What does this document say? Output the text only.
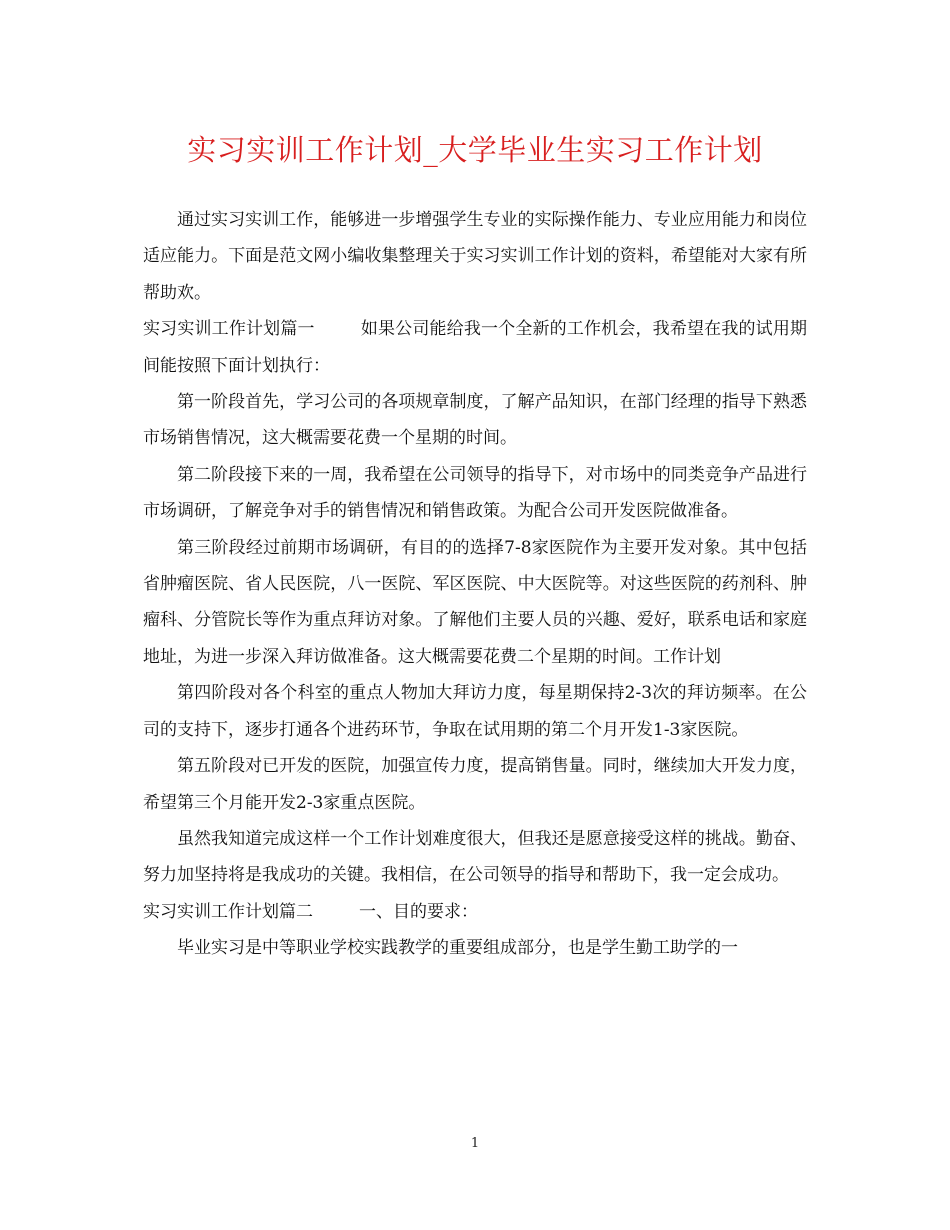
实习实训工作计划_大学毕业生实习工作计划

通过实习实训工作，能够进一步增强学生专业的实际操作能力、专业应用能力和岗位适应能力。下面是范文网小编收集整理关于实习实训工作计划的资料，希望能对大家有所帮助欢。

实习实训工作计划篇一	如果公司能给我一个全新的工作机会，我希望在我的试用期间能按照下面计划执行：

第一阶段首先，学习公司的各项规章制度，了解产品知识，在部门经理的指导下熟悉市场销售情况，这大概需要花费一个星期的时间。

第二阶段接下来的一周，我希望在公司领导的指导下，对市场中的同类竞争产品进行市场调研，了解竞争对手的销售情况和销售政策。为配合公司开发医院做准备。

第三阶段经过前期市场调研，有目的的选择7-8家医院作为主要开发对象。其中包括省肿瘤医院、省人民医院，八一医院、军区医院、中大医院等。对这些医院的药剂科、肿瘤科、分管院长等作为重点拜访对象。了解他们主要人员的兴趣、爱好，联系电话和家庭地址，为进一步深入拜访做准备。这大概需要花费二个星期的时间。工作计划

第四阶段对各个科室的重点人物加大拜访力度，每星期保持2-3次的拜访频率。在公司的支持下，逐步打通各个进药环节，争取在试用期的第二个月开发1-3家医院。

第五阶段对已开发的医院，加强宣传力度，提高销售量。同时，继续加大开发力度，希望第三个月能开发2-3家重点医院。

虽然我知道完成这样一个工作计划难度很大，但我还是愿意接受这样的挑战。勤奋、努力加坚持将是我成功的关键。我相信，在公司领导的指导和帮助下，我一定会成功。

实习实训工作计划篇二	一、目的要求：

毕业实习是中等职业学校实践教学的重要组成部分，也是学生勤工助学的一

1
